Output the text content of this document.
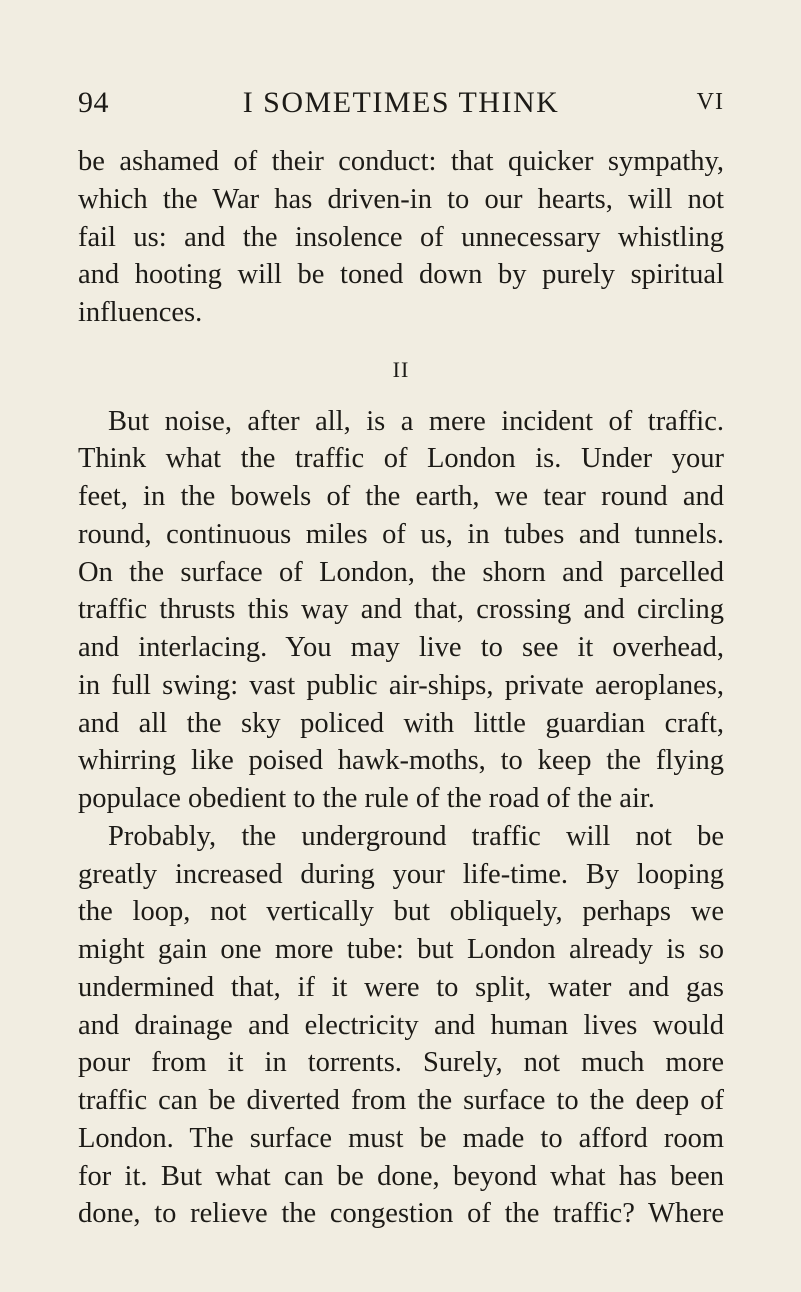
94	I SOMETIMES THINK	VI
be ashamed of their conduct: that quicker sympathy,
which the War has driven-in to our hearts, will not
fail us: and the insolence of unnecessary whistling
and hooting will be toned down by purely spiritual
influences.
II
But noise, after all, is a mere incident of traffic.
Think what the traffic of London is. Under your
feet, in the bowels of the earth, we tear round and
round, continuous miles of us, in tubes and tunnels.
On the surface of London, the shorn and parcelled
traffic thrusts this way and that, crossing and circling
and interlacing. You may live to see it overhead,
in full swing: vast public air-ships, private aeroplanes,
and all the sky policed with little guardian craft,
whirring like poised hawk-moths, to keep the flying
populace obedient to the rule of the road of the air.
Probably, the underground traffic will not be
greatly increased during your life-time. By looping
the loop, not vertically but obliquely, perhaps we
might gain one more tube: but London already is so
undermined that, if it were to split, water and gas
and drainage and electricity and human lives would
pour from it in torrents. Surely, not much more
traffic can be diverted from the surface to the deep of
London. The surface must be made to afford room
for it. But what can be done, beyond what has been
done, to relieve the congestion of the traffic? Where
